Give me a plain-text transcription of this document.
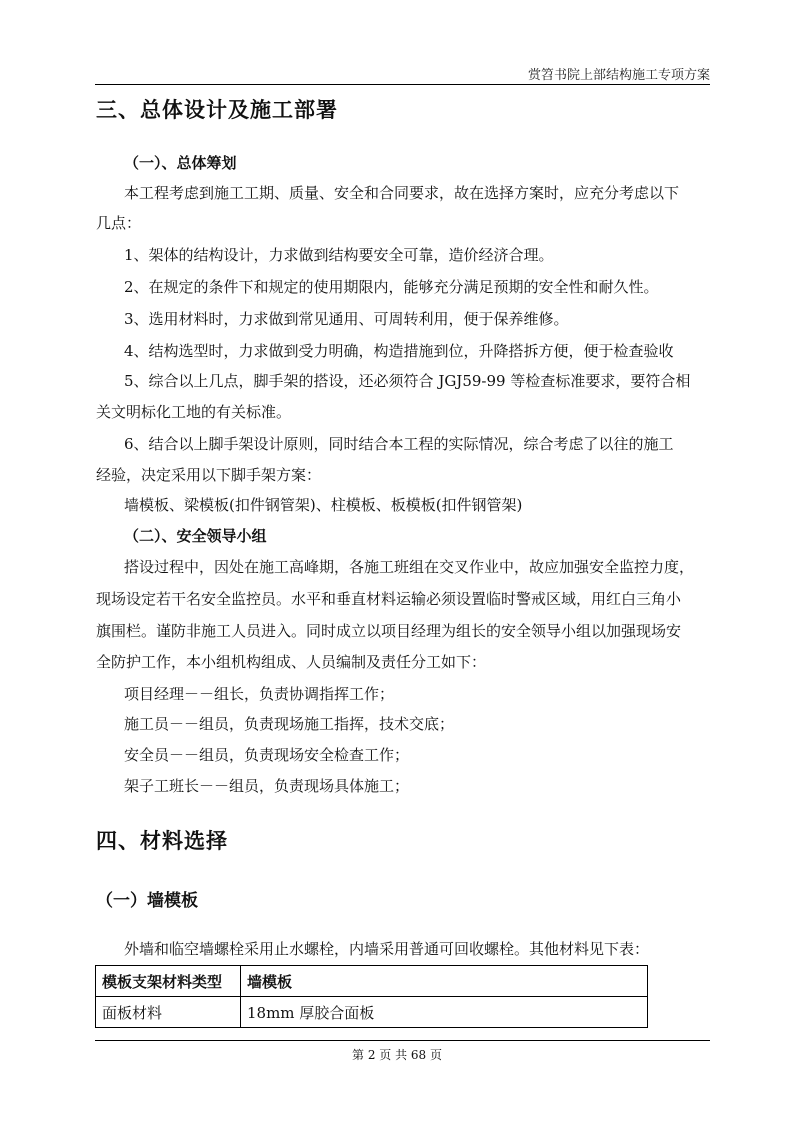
赏笤书院上部结构施工专项方案
三、总体设计及施工部署
（一）、总体筹划
本工程考虑到施工工期、质量、安全和合同要求，故在选择方案时，应充分考虑以下
几点：
1、架体的结构设计，力求做到结构要安全可靠，造价经济合理。
2、在规定的条件下和规定的使用期限内，能够充分满足预期的安全性和耐久性。
3、选用材料时，力求做到常见通用、可周转利用，便于保养维修。
4、结构选型时，力求做到受力明确，构造措施到位，升降搭拆方便，便于检查验收
5、综合以上几点，脚手架的搭设，还必须符合 JGJ59-99 等检查标准要求，要符合相
关文明标化工地的有关标准。
6、结合以上脚手架设计原则，同时结合本工程的实际情况，综合考虑了以往的施工
经验，决定采用以下脚手架方案：
墙模板、梁模板(扣件钢管架)、柱模板、板模板(扣件钢管架)
（二）、安全领导小组
搭设过程中，因处在施工高峰期，各施工班组在交叉作业中，故应加强安全监控力度，
现场设定若干名安全监控员。水平和垂直材料运输必须设置临时警戒区域，用红白三角小
旗围栏。谨防非施工人员进入。同时成立以项目经理为组长的安全领导小组以加强现场安
全防护工作，本小组机构组成、人员编制及责任分工如下：
项目经理－－组长，负责协调指挥工作；
施工员－－组员，负责现场施工指挥，技术交底；
安全员－－组员，负责现场安全检查工作；
架子工班长－－组员，负责现场具体施工；
四、材料选择
（一）墙模板
外墙和临空墙螺栓采用止水螺栓，内墙采用普通可回收螺栓。其他材料见下表：
模板支架材料类型	墙模板
面板材料	18mm 厚胶合面板
第 2 页 共 68 页
